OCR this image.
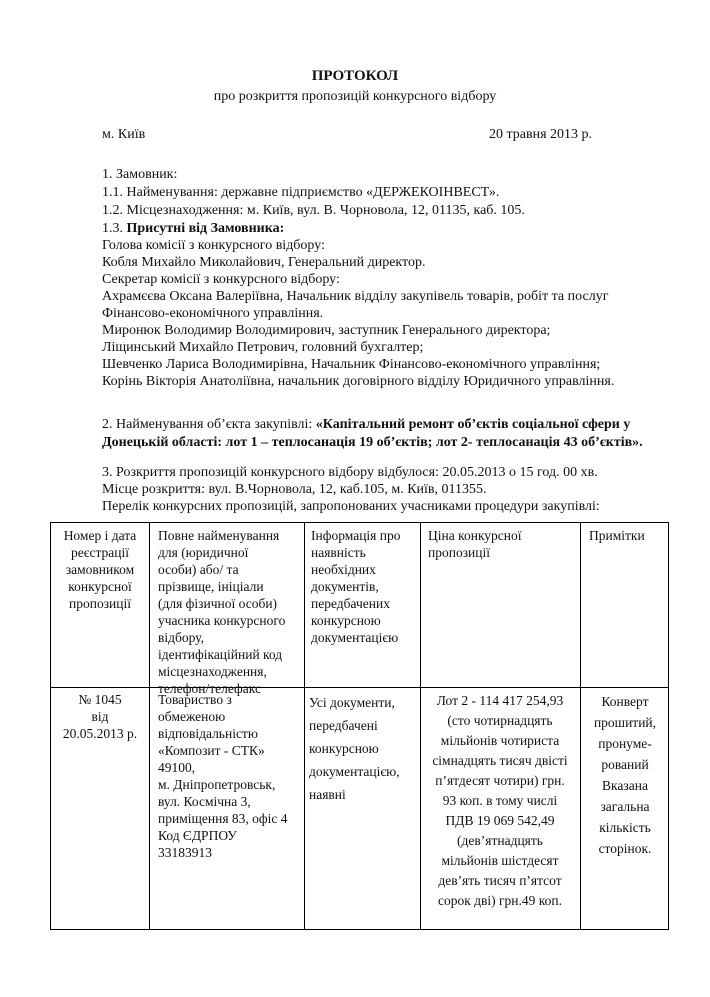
ПРОТОКОЛ
про розкриття пропозицій конкурсного відбору
м. Київ	20 травня 2013 р.
1. Замовник:
1.1. Найменування: державне підприємство «ДЕРЖЕКОІНВЕСТ».
1.2. Місцезнаходження: м. Київ, вул. В. Чорновола, 12, 01135, каб. 105.
1.3. Присутні від Замовника:
Голова комісії з конкурсного відбору:
Кобля Михайло Миколайович, Генеральний директор.
Секретар комісії з конкурсного відбору:
Ахрамєєва Оксана Валеріївна, Начальник відділу закупівель товарів, робіт та послуг
Фінансово-економічного управління.
Миронюк Володимир Володимирович, заступник Генерального директора;
Ліщинський Михайло Петрович, головний бухгалтер;
Шевченко Лариса Володимирівна, Начальник Фінансово-економічного управління;
Корінь Вікторія Анатоліївна, начальник договірного відділу Юридичного управління.
2. Найменування об’єкта закупівлі: «Капітальний ремонт об’єктів соціальної сфери у
Донецькій області: лот 1 – теплосанація 19 об’єктів; лот 2- теплосанація 43 об’єктів».
3. Розкриття пропозицій конкурсного відбору відбулося: 20.05.2013 о 15 год. 00 хв.
Місце розкриття: вул. В.Чорновола, 12, каб.105, м. Київ, 011355.
Перелік конкурсних пропозицій, запропонованих учасниками процедури закупівлі:
Номер і дата
реєстрації
замовником
конкурсної
пропозиції
Повне найменування
для (юридичної
особи) або/ та
прізвище, ініціали
(для фізичної особи)
учасника конкурсного
відбору,
ідентифікаційний код
місцезнаходження,
телефон/телефакс
Інформація про
наявність
необхідних
документів,
передбачених
конкурсною
документацією
Ціна конкурсної
пропозиції
Примітки
№ 1045
від
20.05.2013 р.
Товариство з
обмеженою
відповідальністю
«Композит - СТК»
49100,
м. Дніпропетровськ,
вул. Космічна 3,
приміщення 83, офіс 4
Код ЄДРПОУ
33183913
Усі документи,
передбачені
конкурсною
документацією,
наявні
Лот 2 - 114 417 254,93
(сто чотирнадцять
мільйонів чотириста
сімнадцять тисяч двісті
п’ятдесят чотири) грн.
93 коп. в тому числі
ПДВ 19 069 542,49
(дев’ятнадцять
мільйонів шістдесят
дев’ять тисяч п’ятсот
сорок дві) грн.49 коп.
Конверт
прошитий,
пронуме-
рований
Вказана
загальна
кількість
сторінок.
